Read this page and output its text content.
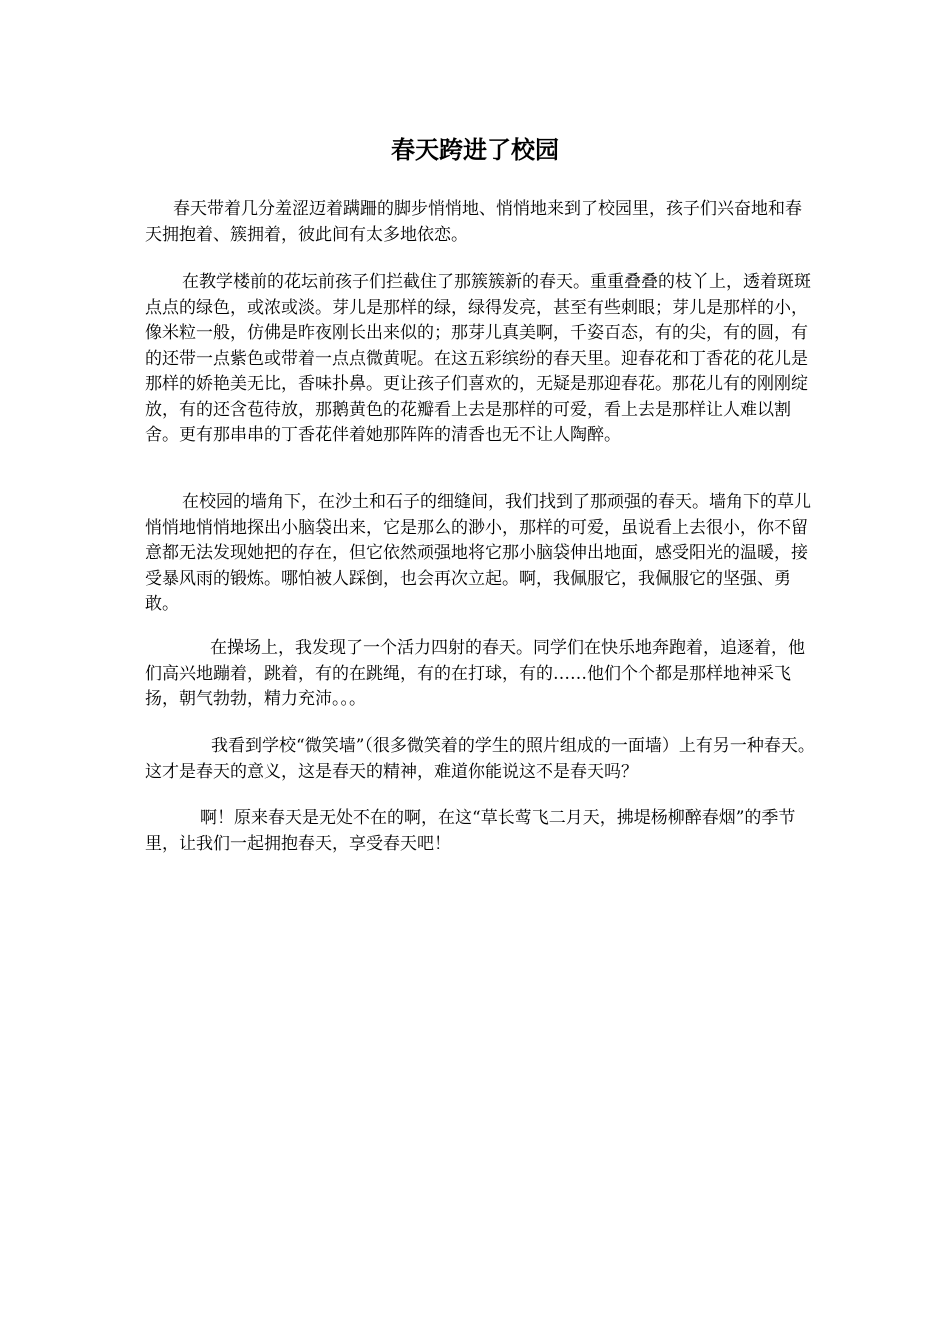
春天跨进了校园

春天带着几分羞涩迈着蹒跚的脚步悄悄地、悄悄地来到了校园里，孩子们兴奋地和春天拥抱着、簇拥着，彼此间有太多地依恋。

在教学楼前的花坛前孩子们拦截住了那簇簇新的春天。重重叠叠的枝丫上，透着斑斑点点的绿色，或浓或淡。芽儿是那样的绿，绿得发亮，甚至有些刺眼；芽儿是那样的小，像米粒一般，仿佛是昨夜刚长出来似的；那芽儿真美啊，千姿百态，有的尖，有的圆，有的还带一点紫色或带着一点点微黄呢。在这五彩缤纷的春天里。迎春花和丁香花的花儿是那样的娇艳美无比，香味扑鼻。更让孩子们喜欢的，无疑是那迎春花。那花儿有的刚刚绽放，有的还含苞待放，那鹅黄色的花瓣看上去是那样的可爱，看上去是那样让人难以割舍。更有那串串的丁香花伴着她那阵阵的清香也无不让人陶醉。

在校园的墙角下，在沙土和石子的细缝间，我们找到了那顽强的春天。墙角下的草儿悄悄地悄悄地探出小脑袋出来，它是那么的渺小，那样的可爱，虽说看上去很小，你不留意都无法发现她把的存在，但它依然顽强地将它那小脑袋伸出地面，感受阳光的温暖，接受暴风雨的锻炼。哪怕被人踩倒，也会再次立起。啊，我佩服它，我佩服它的坚强、勇敢。

在操场上，我发现了一个活力四射的春天。同学们在快乐地奔跑着，追逐着，他们高兴地蹦着，跳着，有的在跳绳，有的在打球，有的……他们个个都是那样地神采飞扬，朝气勃勃，精力充沛。。。

我看到学校“微笑墙”（很多微笑着的学生的照片组成的一面墙）上有另一种春天。这才是春天的意义，这是春天的精神，难道你能说这不是春天吗？

啊！原来春天是无处不在的啊，在这“草长莺飞二月天，拂堤杨柳醉春烟”的季节里，让我们一起拥抱春天，享受春天吧！
